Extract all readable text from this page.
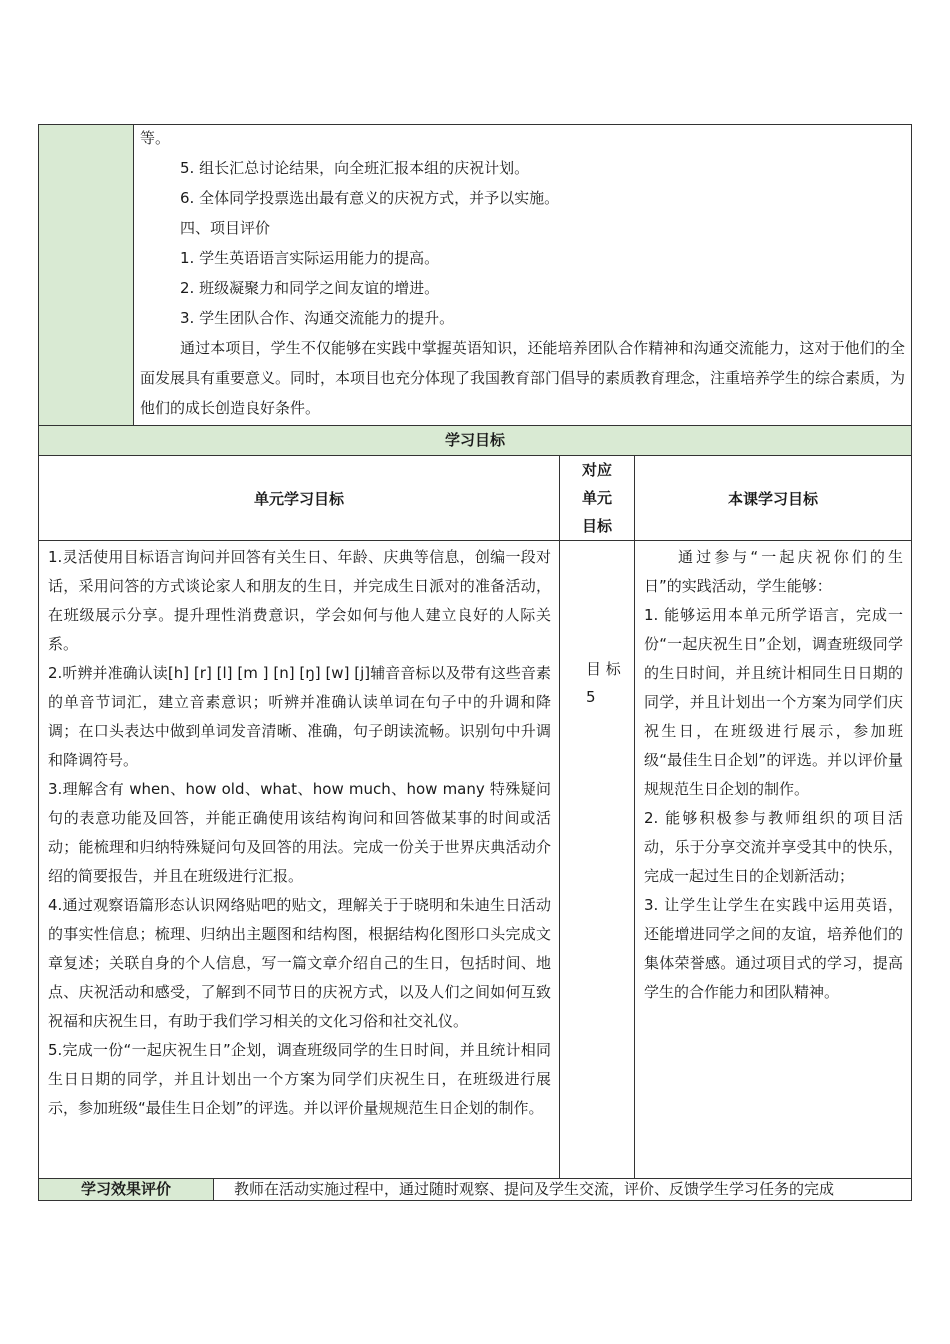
等。
5. 组长汇总讨论结果，向全班汇报本组的庆祝计划。
6. 全体同学投票选出最有意义的庆祝方式，并予以实施。
四、项目评价
1. 学生英语语言实际运用能力的提高。
2. 班级凝聚力和同学之间友谊的增进。
3. 学生团队合作、沟通交流能力的提升。
通过本项目，学生不仅能够在实践中掌握英语知识，还能培养团队合作精神和沟通交流能力，这对于他们的全面发展具有重要意义。同时，本项目也充分体现了我国教育部门倡导的素质教育理念，注重培养学生的综合素质，为他们的成长创造良好条件。
学习目标
单元学习目标
对应
单元
目标
本课学习目标
1.灵活使用目标语言询问并回答有关生日、年龄、庆典等信息，创编一段对话，采用问答的方式谈论家人和朋友的生日，并完成生日派对的准备活动，在班级展示分享。提升理性消费意识，学会如何与他人建立良好的人际关系。
2.听辨并准确认读[h] [r] [l] [m ] [n] [ŋ] [w] [j]辅音音标以及带有这些音素的单音节词汇，建立音素意识；听辨并准确认读单词在句子中的升调和降调；在口头表达中做到单词发音清晰、准确，句子朗读流畅。识别句中升调和降调符号。
3.理解含有 when、how old、what、how much、how many 特殊疑问句的表意功能及回答，并能正确使用该结构询问和回答做某事的时间或活动；能梳理和归纳特殊疑问句及回答的用法。完成一份关于世界庆典活动介绍的简要报告，并且在班级进行汇报。
4.通过观察语篇形态认识网络贴吧的贴文，理解关于于晓明和朱迪生日活动的事实性信息；梳理、归纳出主题图和结构图，根据结构化图形口头完成文章复述；关联自身的个人信息，写一篇文章介绍自己的生日，包括时间、地点、庆祝活动和感受，了解到不同节日的庆祝方式，以及人们之间如何互致祝福和庆祝生日，有助于我们学习相关的文化习俗和社交礼仪。
5.完成一份“一起庆祝生日”企划，调查班级同学的生日时间，并且统计相同生日日期的同学，并且计划出一个方案为同学们庆祝生日，在班级进行展示，参加班级“最佳生日企划”的评选。并以评价量规规范生日企划的制作。
目 标
5
通过参与“一起庆祝你们的生日”的实践活动，学生能够：
1. 能够运用本单元所学语言，完成一份“一起庆祝生日”企划，调查班级同学的生日时间，并且统计相同生日日期的同学，并且计划出一个方案为同学们庆祝生日，在班级进行展示，参加班级“最佳生日企划”的评选。并以评价量规规范生日企划的制作。
2. 能够积极参与教师组织的项目活动，乐于分享交流并享受其中的快乐，完成一起过生日的企划新活动；
3. 让学生让学生在实践中运用英语，还能增进同学之间的友谊，培养他们的集体荣誉感。通过项目式的学习，提高学生的合作能力和团队精神。
学习效果评价	教师在活动实施过程中，通过随时观察、提问及学生交流，评价、反馈学生学习任务的完成
